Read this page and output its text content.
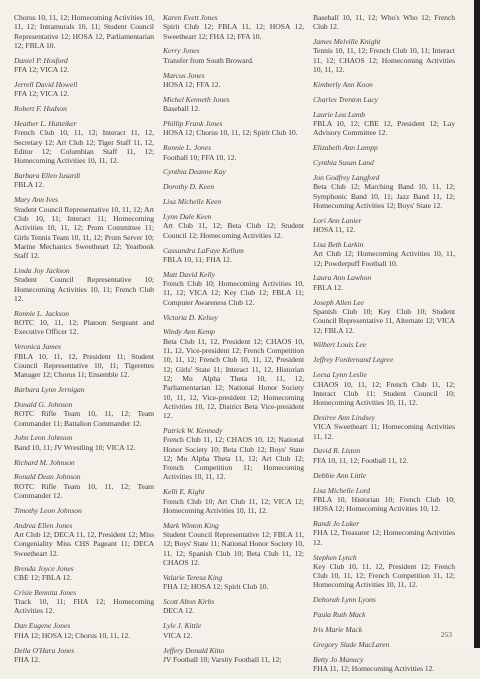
Chorus 10, 11, 12; Homecoming Activities 10, 11, 12; Intramurals 10, 11; Student Council Representative 12; HOSA 12, Parliamentarian 12; FBLA 10.
Daniel P. Hosford
FFA 12; VICA 12.
Jerrell David Howell
FFA 12; VICA 12.
Robert F. Hudson
Heather L. Hutteiker
French Club 10, 11, 12; Interact 11, 12, Secretary 12; Art Club 12; Tiger Staff 11, 12, Editor 12; Columbian Staff 11, 12; Homecoming Activities 10, 11, 12.
Barbara Ellen Iusardi
FBLA 12.
Mary Ann Ives
Student Council Representative 10, 11, 12; Art Club 10, 11; Interact 11; Homecoming Activities 10, 11, 12; Prom Committee 11; Girls Tennis Team 10, 11, 12; Prom Server 10; Marine Mechanics Sweetheart 12; Yearbook Staff 12.
Linda Joy Jackson
Student Council Representative 10; Homecoming Activities 10, 11; French Club 12.
Ronnie L. Jackson
ROTC 10, 11, 12; Platoon Sergeant and Executive Officer 12.
Veronica James
FBLA 10, 11, 12, President 11; Student Council Representative 10, 11; Tigerettes Manager 12; Chorus 11; Ensemble 12.
Barbara Lynn Jernigan
Donald G. Johnson
ROTC Rifle Team 10, 11, 12; Team Commander 11; Battalion Commander 12.
John Leon Johnson
Band 10, 11; JV Wrestling 10; VICA 12.
Richard M. Johnson
Ronald Dean Johnson
ROTC Rifle Team 10, 11, 12; Team Commander 12.
Timothy Leon Johnson
Andrea Ellen Jones
Art Club 12; DECA 11, 12, President 12; Miss Congeniality Miss CHS Pageant 11; DECA Sweetheart 12.
Brenda Joyce Jones
CBE 12; FBLA 12.
Crisie Bennita Jones
Track 10, 11; FHA 12; Homecoming Activities 12.
Dan Eugene Jones
FHA 12; HOSA 12; Chorus 10, 11, 12.
Della O'Hara Jones
FHA 12.
Karen Evett Jones
Spirit Club 12; FBLA 11, 12; HOSA 12, Sweetheart 12; FHA 12; FFA 10.
Kerry Jones
Transfer from South Broward.
Marcus Jones
HOSA 12; FFA 12.
Michel Kenneth Jones
Baseball 12.
Phillip Frank Jones
HOSA 12; Chorus 10, 11, 12; Spirit Club 10.
Ronnie L. Jones
Football 10; FFA 10, 12.
Cynthia Deanne Kay
Dorothy D. Keen
Lisa Michelle Keen
Lynn Dale Keen
Art Club 11, 12; Beta Club 12; Student Council 12; Homecoming Activities 12.
Cassandra LaFaye Kellum
FBLA 10, 11; FHA 12.
Matt David Kelly
French Club 10; Homecoming Activities 10, 11, 12; VICA 12; Key Club 12; FBLA 11; Computer Awareness Club 12.
Victoria D. Kelsey
Windy Ann Kemp
Beta Club 11, 12, President 12; CHAOS 10, 11, 12, Vice-president 12; French Competition 10, 11, 12; French Club 10, 11, 12, President 12; Girls' State 11; Interact 11, 12, Historian 12; Mu Alpha Theta 10, 11, 12, Parliamentarian 12; National Honor Society 10, 11, 12, Vice-president 12; Homecoming Activities 10, 12, District Beta Vice-president 12.
Patrick W. Kennedy
French Club 11, 12; CHAOS 10, 12; National Honor Society 10; Beta Club 12; Boys' State 12; Mu Alpha Theta 11, 12; Art Club 12; French Competition 11; Homecoming Activities 10, 11, 12.
Kelli E. Kight
French Club 10; Art Club 11, 12; VICA 12; Homecoming Activities 10, 11, 12.
Mark Winton King
Student Council Representative 12; FBLA 11, 12; Boys' State 11; National Honor Society 10, 11, 12; Spanish Club 10; Beta Club 11, 12; CHAOS 12.
Valarie Teresa King
FHA 12; HOSA 12; Spirit Club 10.
Scott Alton Kirbs
DECA 12.
Lyle J. Kittle
VICA 12.
Jeffery Donald Kitto
JV Football 10; Varsity Football 11, 12;
Baseball 10, 11, 12; Who's Who 12; French Club 12.
James Melville Knight
Tennis 10, 11, 12; French Club 10, 11; Interact 11, 12; CHAOS 12; Homecoming Activities 10, 11, 12.
Kimberly Ann Koon
Charles Trenton Lacy
Laurie Lea Lamb
FBLA 10, 12; CBE 12, President 12; Lay Advisory Committee 12.
Elizabeth Ann Lampp
Cynthia Susan Land
Jon Godfrey Langford
Beta Club 12; Marching Band 10, 11, 12; Symphonic Band 10, 11; Jazz Band 11, 12; Homecoming Activities 12; Boys' State 12.
Lori Ann Lanier
HOSA 11, 12.
Lisa Beth Larkin
Art Club 12; Homecoming Activities 10, 11, 12; Powderpuff Football 10.
Laura Ann Lawhon
FBLA 12.
Joseph Allen Lee
Spanish Club 10; Key Club 10; Student Council Representative 11, Alternate 12; VICA 12; FBLA 12.
Wilbert Louis Lee
Jeffrey Fordernand Legree
Leesa Lynn Leslie
CHAOS 10, 11, 12; French Club 11, 12; Interact Club 11; Student Council 10; Homecoming Activities 10, 11, 12.
Desiree Ann Lindsey
VICA Sweetheart 11; Homecoming Activities 11, 12.
David R. Liston
FFA 10, 11, 12; Football 11, 12.
Debbie Ann Little
Lisa Michelle Lord
FBLA 10, Historian 10; French Club 10; HOSA 12; Homecoming Activities 10, 12.
Randi Jo Luker
FHA 12, Treasurer 12; Homecoming Activities 12.
Stephen Lynch
Key Club 10, 11, 12, President 12; French Club 10, 11, 12; French Competition 11, 12; Homecoming Activities 10, 11, 12.
Deborah Lynn Lyons
Paula Ruth Mack
Iris Marie Mack
Gregory Slade MacLaren
Betty Jo Manucy
FHA 11, 12; Homecoming Activities 12.
253
